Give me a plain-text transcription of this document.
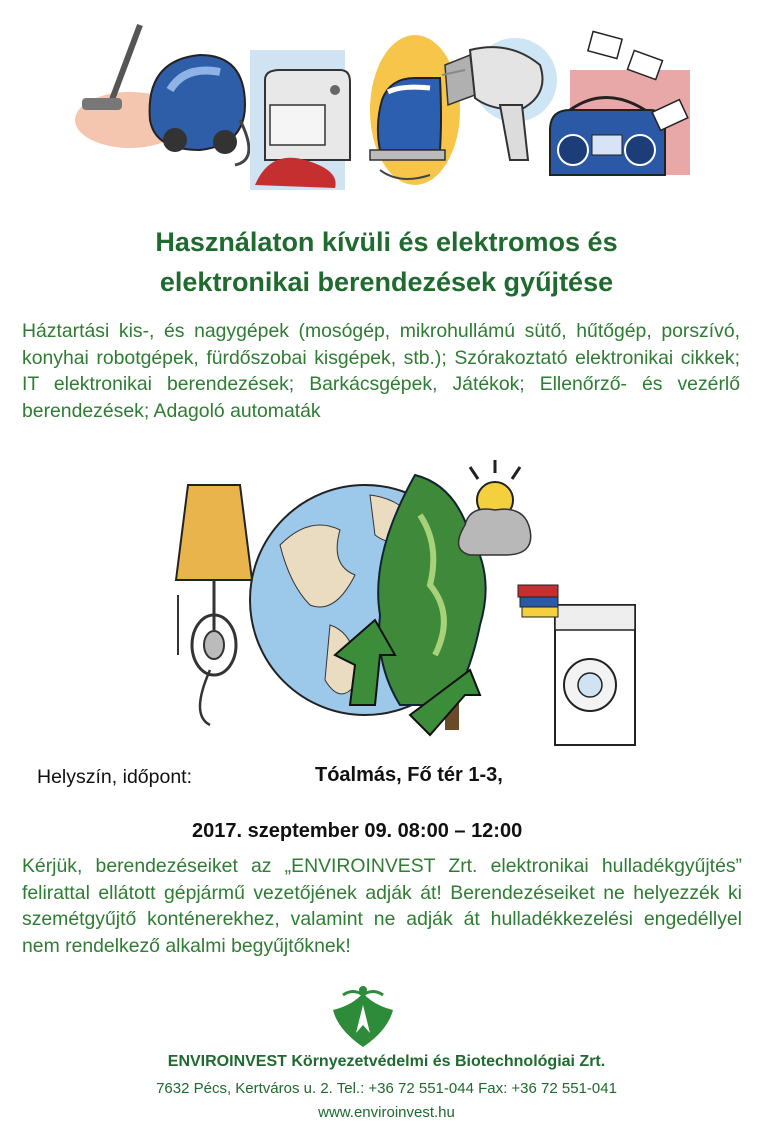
Használaton kívüli és elektromos és
elektronikai berendezések gyűjtése
Háztartási kis-, és nagygépek (mosógép, mikrohullámú sütő, hűtőgép, porszívó, konyhai robotgépek, fürdőszobai kisgépek, stb.); Szórakoztató elektronikai cikkek; IT elektronikai berendezések; Barkácsgépek, Játékok; Ellenőrző- és vezérlő berendezések; Adagoló automaták
Helyszín, időpont:	Tóalmás, Fő tér 1-3,
2017. szeptember 09. 08:00 – 12:00
Kérjük, berendezéseiket az „ENVIROINVEST Zrt. elektronikai hulladékgyűjtés” felirattal ellátott gépjármű vezetőjének adják át! Berendezéseiket ne helyezzék ki szemétgyűjtő konténerekhez, valamint ne adják át hulladékkezelési engedéllyel nem rendelkező alkalmi begyűjtőknek!
ENVIROINVEST Környezetvédelmi és Biotechnológiai Zrt.
7632 Pécs, Kertváros u. 2. Tel.: +36 72 551-044 Fax: +36 72 551-041
www.enviroinvest.hu
